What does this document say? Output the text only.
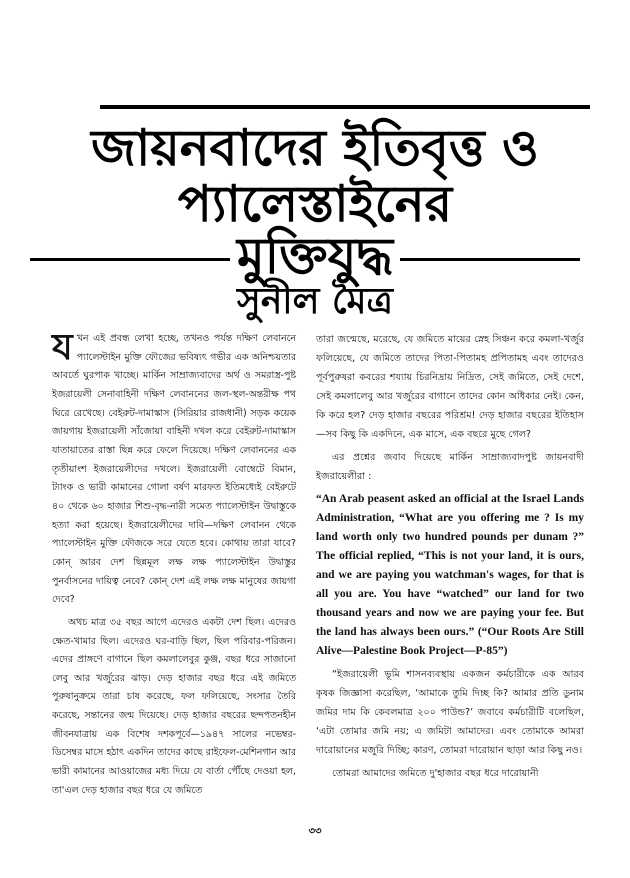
জায়নবাদের ইতিবৃত্ত ও
প্যালেস্তাইনের
মুক্তিযুদ্ধ
সুনীল মৈত্র

যখন এই প্রবন্ধ লেখা হচ্ছে, তখনও পর্যন্ত দক্ষিণ লেবাননে প্যালেস্টাইন মুক্তি ফৌজের ভবিষ্যৎ গভীর এক অনিশ্চয়তার আবর্তে ঘুরপাক খাচ্ছে। মার্কিন সাম্রাজ্যবাদের অর্থ ও সমরাস্ত্র-পুষ্ট ইজরায়েলী সেনাবাহিনী দক্ষিণ লেবাননের জল-স্থল-অন্তরীক্ষ পথ ঘিরে রেখেছে। বেইরুট-দামাস্কাস (সিরিয়ার রাজধানী) সড়ক কয়েক জায়গায় ইজরায়েলী সাঁজোয়া বাহিনী দখল করে বেইরুট-দামাস্কাস যাতায়াতের রাস্তা ছিন্ন করে ফেলে দিয়েছে। দক্ষিণ লেবাননের এক তৃতীয়াংশ ইজরায়েলীদের দখলে। ইজরায়েলী বোম্বেটে বিমান, ট্যাংক ও ভারী কামানের গোলা বর্ষণ মারফত ইতিমধ্যেই বেইরুটে ৪০ থেকে ৬০ হাজার শিশু-বৃদ্ধ-নারী সমেত প্যালেস্টাইন উদ্বাস্তুকে হত্যা করা হয়েছে। ইজরায়েলীদের দাবি—দক্ষিণ লেবানন থেকে প্যালেস্টাইন মুক্তি ফৌজকে সরে যেতে হবে। কোথায় তারা যাবে? কোন্ আরব দেশ ছিন্নমূল লক্ষ লক্ষ প্যালেস্টাইন উদ্বাস্তুর পুনর্বাসনের দায়িত্ব নেবে? কোন্ দেশ এই লক্ষ লক্ষ মানুষের জায়গা দেবে?

অথচ মাত্র ৩৫ বছর আগে এদেরও একটা দেশ ছিল। এদেরও ক্ষেত-খামার ছিল। এদেরও ঘর-বাড়ি ছিল, ছিল পরিবার-পরিজন। এদের প্রাঙ্গণে বাগানে ছিল কমলালেবুর কুঞ্জ, বছর ধরে সাজানো লেবু আর খর্জুরের ঝাড়। দেড় হাজার বছর ধরে এই জমিতে পুরুষানুক্রমে তারা চাষ করেছে, ফল ফলিয়েছে, সংসার তৈরি করেছে, সন্তানের জন্ম দিয়েছে। দেড় হাজার বছরের ছন্দপতনহীন জীবনযাত্রায় এক বিশেষ দশকপূর্বে—১৯৪৭ সালের নভেম্বর-ডিসেম্বর মাসে হঠাৎ একদিন তাদের কাছে রাইফেল-মেশিনগান আর ভারী কামানের আওয়াজের মধ্য দিয়ে যে বার্তা পৌঁছে দেওয়া হল, তা'এল দেড় হাজার বছর ধরে যে জমিতে

তারা জন্মেছে, মরেছে, যে জমিতে মায়ের স্নেহ সিঞ্চন করে কমলা-খর্জুর ফলিয়েছে, যে জমিতে তাদের পিতা-পিতামহ প্রপিতামহ এবং তাদেরও পূর্বপুরুষরা কবরের শয্যায় চিরনিদ্রায় নিদ্রিত, সেই জমিতে, সেই দেশে, সেই কমলালেবু আর খর্জুরের বাগানে তাদের কোন অধিকার নেই। কেন, কি করে হল? দেড় হাজার বছরের পরিশ্রম! দেড় হাজার বছরের ইতিহাস—সব কিছু কি একদিনে, এক মাসে, এক বছরে মুছে গেল?

এর প্রশ্নের জবাব দিয়েছে মার্কিন সাম্রাজ্যবাদপুষ্ট জায়নবাদী ইজরায়েলীরা :

“An Arab peasent asked an official at the Israel Lands Administration, “What are you offering me ? Is my land worth only two hundred pounds per dunam ?” The official replied, “This is not your land, it is ours, and we are paying you watchman's wages, for that is all you are. You have “watched” our land for two thousand years and now we are paying your fee. But the land has always been ours.” (“Our Roots Are Still Alive—Palestine Book Project—P-85”)

“ইজরায়েলী ভূমি শাসনব্যবস্থায় একজন কর্মচারীকে এক আরব কৃষক জিজ্ঞাসা করেছিল, ‘আমাকে তুমি দিচ্ছ কি? আমার প্রতি ডুনাম জমির দাম কি কেবলমাত্র ২০০ পাউন্ড?’ জবাবে কর্মচারীটি বলেছিল, ‘এটা তোমার জমি নয়; এ জমিটা আমাদের। এবং তোমাকে আমরা দারোয়ানের মজুরি দিচ্ছি; কারণ, তোমরা দারোয়ান ছাড়া আর কিছু নও।

তোমরা আমাদের জমিতে দু'হাজার বছর ধরে দারোয়ানী

৩৩
